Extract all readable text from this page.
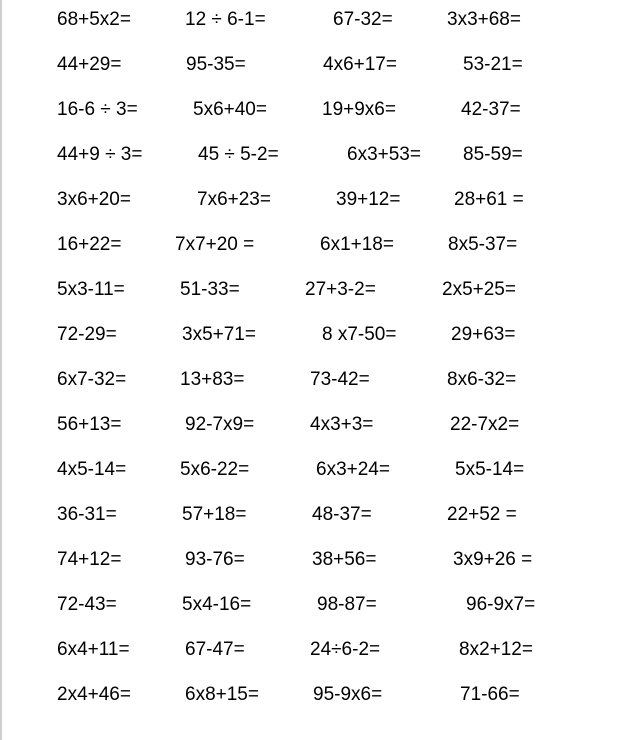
68+5x2=	12 ÷ 6-1=	67-32=	3x3+68=
44+29=	95-35=	4x6+17=	53-21=
16-6 ÷ 3=	5x6+40=	19+9x6=	42-37=
44+9 ÷ 3=	45 ÷ 5-2=	6x3+53= 85-59=
3x6+20=	7x6+23=	39+12=	28+61 =
16+22=	7x7+20 =	6x1+18=	8x5-37=
5x3-11=	51-33=	27+3-2=	2x5+25=
72-29=	3x5+71=	8 x7-50=	29+63=
6x7-32=	13+83=	73-42=	8x6-32=
56+13=	92-7x9=	4x3+3=	22-7x2=
4x5-14=	5x6-22=	6x3+24=	5x5-14=
36-31=	57+18=	48-37=	22+52 =
74+12=	93-76=	38+56=	3x9+26 =
72-43=	5x4-16=	98-87=	96-9x7=
6x4+11=	67-47=	24÷6-2=	8x2+12=
2x4+46=	6x8+15=	95-9x6=	71-66=
